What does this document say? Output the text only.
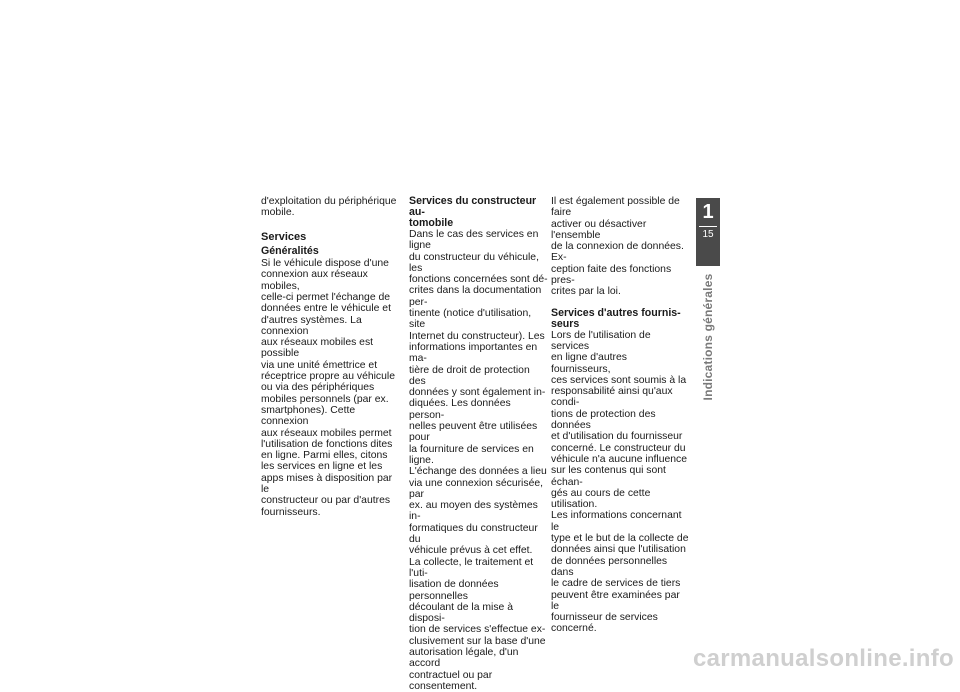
d'exploitation du périphérique
mobile.

Services
Généralités

Si le véhicule dispose d'une
connexion aux réseaux mobiles,
celle-ci permet l'échange de
données entre le véhicule et
d'autres systèmes. La connexion
aux réseaux mobiles est possible
via une unité émettrice et
réceptrice propre au véhicule
ou via des périphériques
mobiles personnels (par ex.
smartphones). Cette connexion
aux réseaux mobiles permet
l'utilisation de fonctions dites
en ligne. Parmi elles, citons
les services en ligne et les
apps mises à disposition par le
constructeur ou par d'autres
fournisseurs.

Services du constructeur au-
tomobile

Dans le cas des services en ligne
du constructeur du véhicule, les
fonctions concernées sont dé-
crites dans la documentation per-
tinente (notice d'utilisation, site
Internet du constructeur). Les
informations importantes en ma-
tière de droit de protection des
données y sont également in-
diquées. Les données person-
nelles peuvent être utilisées pour
la fourniture de services en ligne.
L'échange des données a lieu
via une connexion sécurisée, par
ex. au moyen des systèmes in-
formatiques du constructeur du
véhicule prévus à cet effet.

La collecte, le traitement et l'uti-
lisation de données personnelles
découlant de la mise à disposi-
tion de services s'effectue ex-
clusivement sur la base d'une
autorisation légale, d'un accord
contractuel ou par consentement.

Il est également possible de faire
activer ou désactiver l'ensemble
de la connexion de données. Ex-
ception faite des fonctions pres-
crites par la loi.

Services d'autres fournis-
seurs

Lors de l'utilisation de services
en ligne d'autres fournisseurs,
ces services sont soumis à la
responsabilité ainsi qu'aux condi-
tions de protection des données
et d'utilisation du fournisseur
concerné. Le constructeur du
véhicule n'a aucune influence
sur les contenus qui sont échan-
gés au cours de cette utilisation.
Les informations concernant le
type et le but de la collecte de
données ainsi que l'utilisation
de données personnelles dans
le cadre de services de tiers
peuvent être examinées par le
fournisseur de services concerné.

1
15
Indications générales
carmanualsonline.info
